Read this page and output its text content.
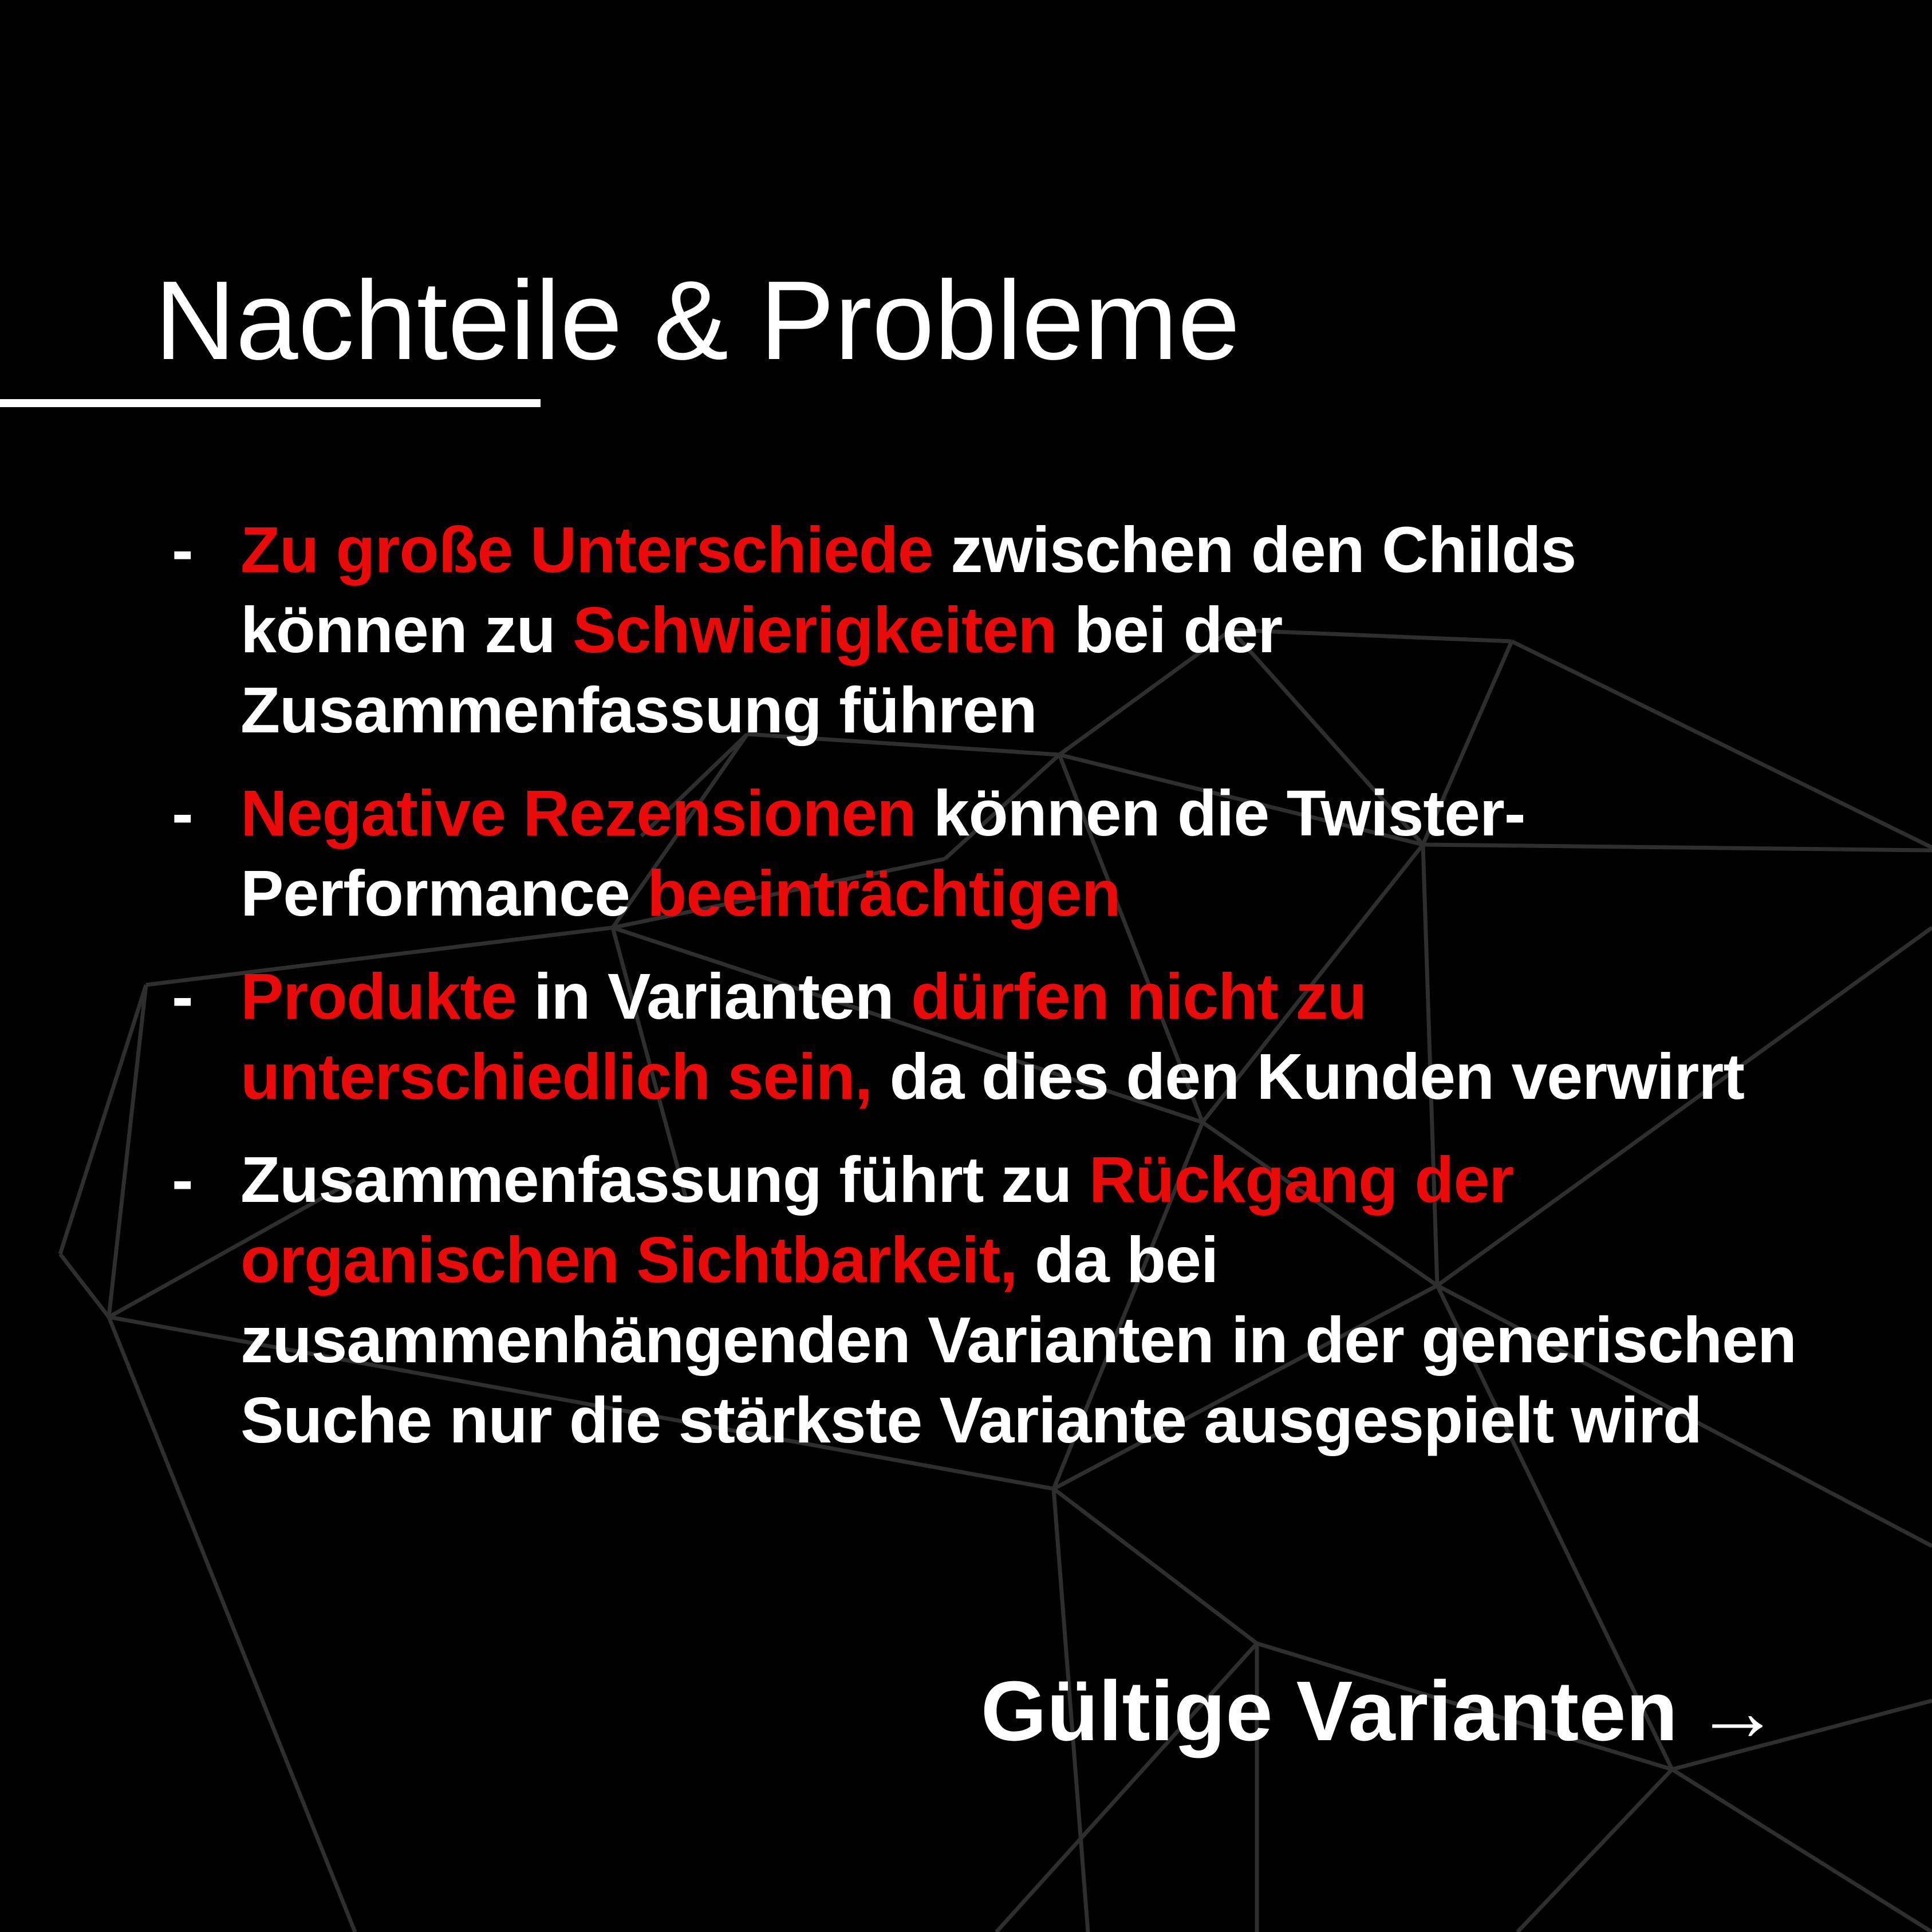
Nachteile & Probleme
- Zu große Unterschiede zwischen den Childs können zu Schwierigkeiten bei der Zusammenfassung führen
- Negative Rezensionen können die Twister-Performance beeinträchtigen
- Produkte in Varianten dürfen nicht zu unterschiedlich sein, da dies den Kunden verwirrt
- Zusammenfassung führt zu Rückgang der organischen Sichtbarkeit, da bei zusammenhängenden Varianten in der generischen Suche nur die stärkste Variante ausgespielt wird
Gültige Varianten →
